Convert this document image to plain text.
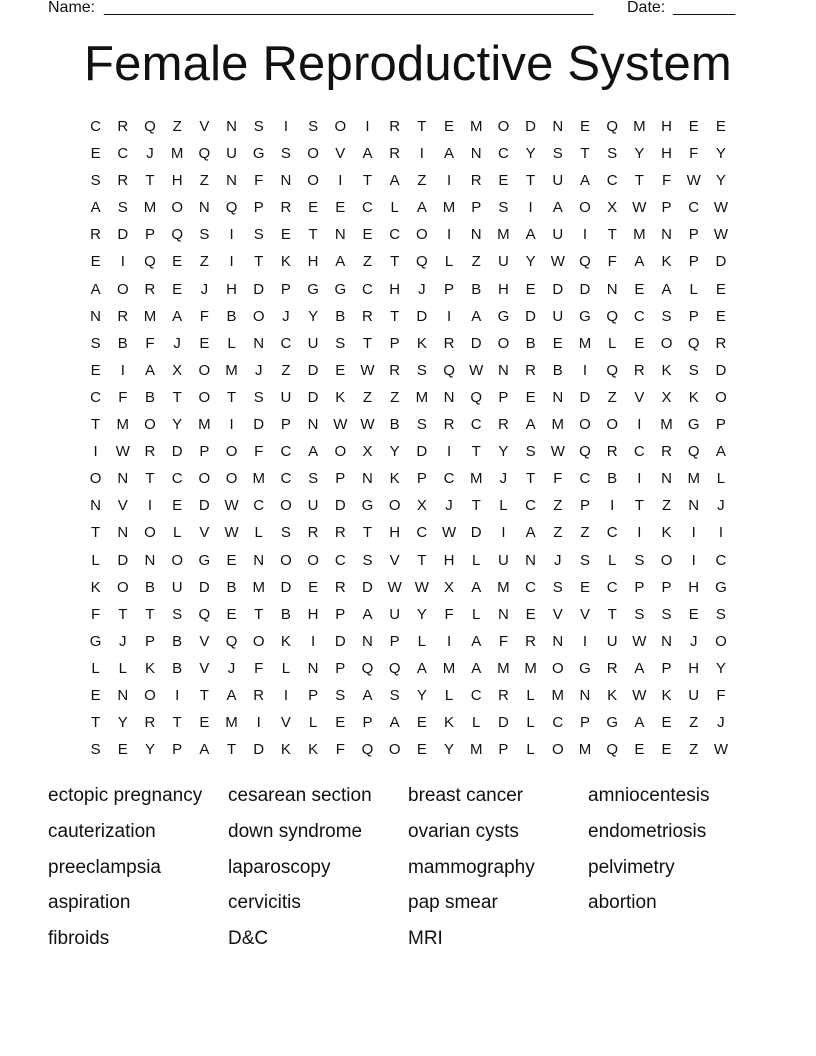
Name: _______________________________________________________ Date: _______
Female Reproductive System
C	R	Q	Z	V	N	S	I	S	O	I	R	T	E	M	O	D	N	E	Q	M	H	E	E
E	C	J	M	Q	U	G	S	O	V	A	R	I	A	N	C	Y	S	T	S	Y	H	F	Y
S	R	T	H	Z	N	F	N	O	I	T	A	Z	I	R	E	T	U	A	C	T	F	W	Y
A	S	M	O	N	Q	P	R	E	E	C	L	A	M	P	S	I	A	O	X	W	P	C W
R	D	P	Q	S	I	S	E	T	N	E	C	O	I	N	M	A	U	I	T	M	N	P	W
E	I	Q	E	Z	I	T	K	H	A	Z	T	Q	L	Z	U	Y	W Q	F	A	K	P	D
A	O	R	E	J	H	D	P	G	G	C	H	J	P	B	H	E	D	D	N	E	A	L	E
N	R	M	A	F	B	O	J	Y	B	R	T	D	I	A	G	D	U	G	Q	C	S	P	E
S	B	F	J	E	L	N	C	U	S	T	P	K	R	D	O	B	E	M	L	E	O	Q	R
E	I	A	X	O	M	J	Z	D	E	W R	S	Q W N	R	B	I	Q	R	K	S	D
C	F	B	T	O	T	S	U	D	K	Z	Z	M	N	Q	P	E	N	D	Z	V	X	K	O
T	M	O	Y	M	I	D	P	N W W	B	S	R	C	R	A	M	O	O	I	M	G	P
I	W R	D	P	O	F	C	A	O	X	Y	D	I	T	Y	S	W Q	R	C	R	Q	A
O	N	T	C	O	O	M	C	S	P	N	K	P	C	M	J	T	F	C	B	I	N	M	L
N	V	I	E	D W C	O	U	D	G	O	X	J	T	L	C	Z	P	I	T	Z	N	J
T	N	O	L	V	W	L	S	R	R	T	H	C W D	I	A	Z	Z	C	I	K	I	I
L	D	N	O	G	E	N	O	O	C	S	V	T	H	L	U	N	J	S	L	S	O	I	C
K	O	B	U	D	B	M	D	E	R	D W W	X	A	M	C	S	E	C	P	P	H	G
F	T	T	S	Q	E	T	B	H	P	A	U	Y	F	L	N	E	V	V	T	S	S	E	S
G	J	P	B	V	Q	O	K	I	D	N	P	L	I	A	F	R	N	I	U W N	J	O
L	L	K	B	V	J	F	L	N	P	Q	Q	A	M	A	M M	O	G	R	A	P	H	Y
E	N	O	I	T	A	R	I	P	S	A	S	Y	L	C	R	L	M	N	K	W	K	U	F
T	Y	R	T	E	M	I	V	L	E	P	A	E	K	L	D	L	C	P	G	A	E	Z	J
S	E	Y	P	A	T	D	K	K	F	Q	O	E	Y	M	P	L	O	M	Q	E	E	Z	W
ectopic pregnancy	cesarean section	breast cancer	amniocentesis
cauterization	down syndrome	ovarian cysts	endometriosis
preeclampsia	laparoscopy	mammography	pelvimetry
aspiration	cervicitis	pap smear	abortion
fibroids	D&C	MRI
